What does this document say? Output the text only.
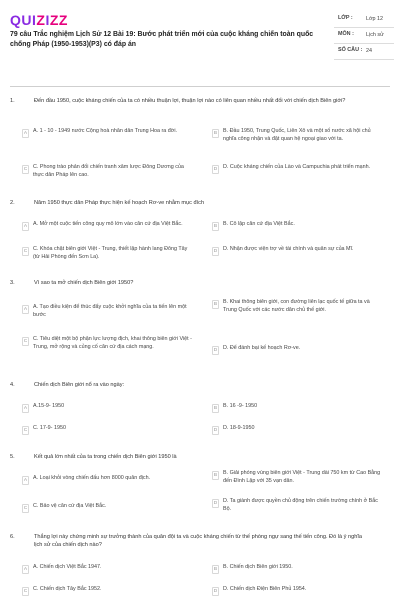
QUIZIZZ
79 câu Trắc nghiệm Lịch Sử 12 Bài 19: Bước phát triển mới của cuộc kháng chiến toàn quốc chống Pháp (1950-1953)(P3) có đáp án
LỚP :	Lớp 12
MÔN :	Lịch sử
SỐ CÂU : 24
1.	Đến đầu 1950, cuộc kháng chiến của ta có nhiều thuận lợi, thuận lợi nào có liên quan nhiều nhất đối với chiến dịch Biên giới?
A	A. 1 - 10 - 1949 nước Cộng hoà nhân dân Trung Hoa ra đời.	B	B. Đầu 1950, Trung Quốc, Liên Xô và một số nước xã hội chủ nghĩa công nhận và đặt quan hệ ngoại giao với ta.
C	C. Phong trào phản đối chiến tranh xâm lược Đông Dương của thực dân Pháp lên cao.
D	D. Cuộc kháng chiến của Lào và Campuchia phát triển mạnh.
2.	Năm 1950 thực dân Pháp thực hiện kế hoạch Rơ-ve nhằm mục đích
A	A. Mở một cuộc tiến công quy mô lớn vào căn cứ địa Việt Bắc.	B	B. Cô lập căn cứ địa Việt Bắc.
C	C. Khóa chặt biên giới Việt - Trung, thiết lập hành lang Đông Tây (từ Hải Phòng đến Sơn La).
D	D. Nhận được viện trợ về tài chính và quân sự của Mĩ.
3.	Vì sao ta mở chiến dịch Biên giới 1950?
A	A. Tạo điều kiện để thúc đẩy cuộc khởi nghĩa của ta tiến lên một bước
B	B. Khai thông biên giới, con đường liên lạc quốc tế giữa ta và Trung Quốc với các nước dân chủ thế giới.
C	C. Tiêu diệt một bộ phận lực lượng địch, khai thông biên giới Việt - Trung, mở rộng và củng cố căn cứ địa cách mạng.
D	D. Để đánh bại kế hoạch Rơ-ve.
4.	Chiến dịch Biên giới nổ ra vào ngày:
A	A.15-9- 1950	B	B. 16 -9- 1950
C	C. 17-9- 1950	D	D. 18-9-1950
5.	Kết quả lớn nhất của ta trong chiến dịch Biên giới 1950 là
A	A. Loại khỏi vòng chiến đấu hơn 8000 quân địch.	B	B. Giải phóng vùng biên giới Việt - Trung dài 750 km từ Cao Bằng đến Đình Lập với 35 vạn dân.
C	C. Bảo vệ căn cứ địa Việt Bắc.	D	D. Ta giành được quyền chủ động trên chiến trường chính ở Bắc Bộ.
6.	Thắng lợi này chứng minh sự trưởng thành của quân đội ta và cuộc kháng chiến từ thế phòng ngự sang thế tiến công. Đó là ý nghĩa lịch sử của chiến dịch nào?
A	A. Chiến dịch Việt Bắc 1947.	B	B. Chiến dịch Biên giới 1950.
C	C. Chiến dịch Tây Bắc 1952.	D	D. Chiến dịch Điện Biên Phủ 1954.
